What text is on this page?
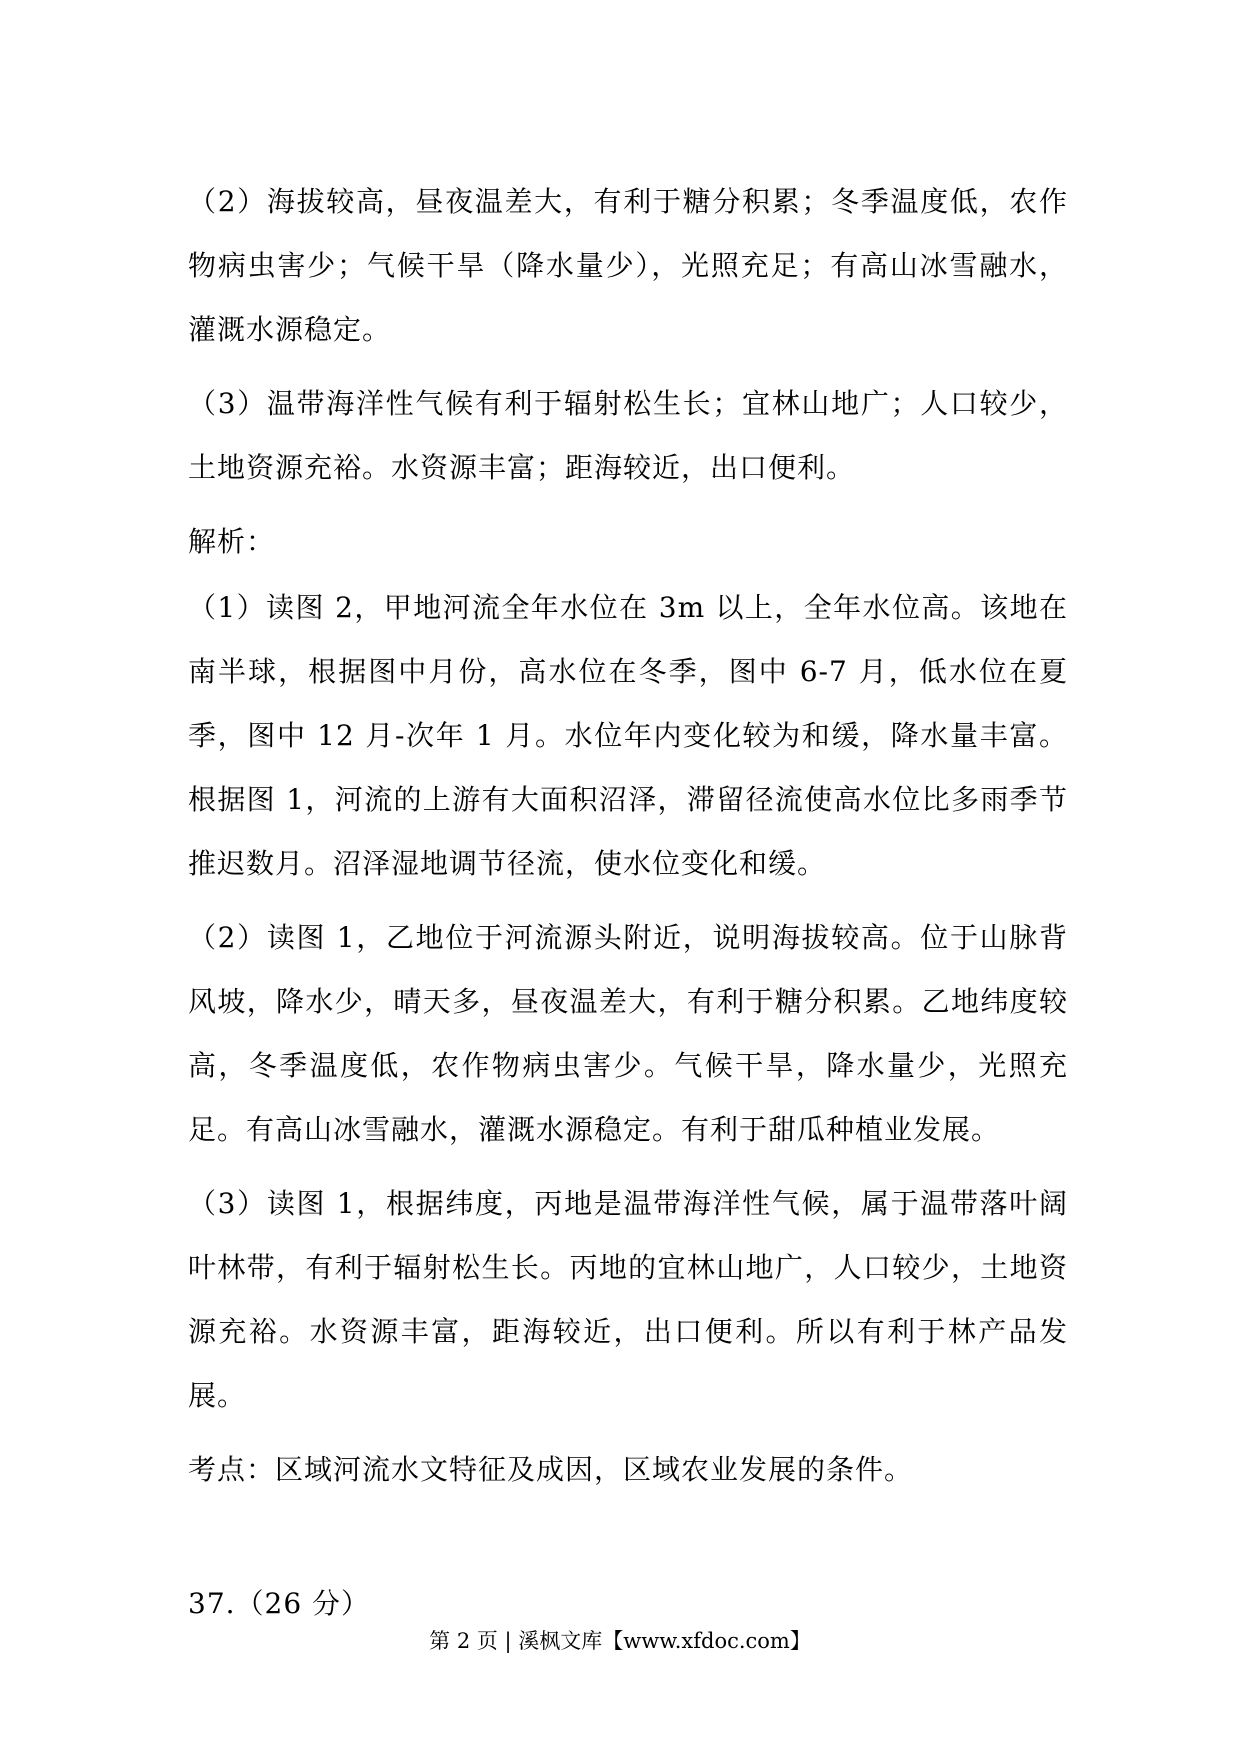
（2）海拔较高，昼夜温差大，有利于糖分积累；冬季温度低，农作物病虫害少；气候干旱（降水量少），光照充足；有高山冰雪融水，灌溉水源稳定。

（3）温带海洋性气候有利于辐射松生长；宜林山地广；人口较少，土地资源充裕。水资源丰富；距海较近，出口便利。

解析：

（1）读图 2，甲地河流全年水位在 3m 以上，全年水位高。该地在南半球，根据图中月份，高水位在冬季，图中 6-7 月，低水位在夏季，图中 12 月-次年 1 月。水位年内变化较为和缓，降水量丰富。根据图 1，河流的上游有大面积沼泽，滞留径流使高水位比多雨季节推迟数月。沼泽湿地调节径流，使水位变化和缓。

（2）读图 1，乙地位于河流源头附近，说明海拔较高。位于山脉背风坡，降水少，晴天多，昼夜温差大，有利于糖分积累。乙地纬度较高，冬季温度低，农作物病虫害少。气候干旱，降水量少，光照充足。有高山冰雪融水，灌溉水源稳定。有利于甜瓜种植业发展。

（3）读图 1，根据纬度，丙地是温带海洋性气候，属于温带落叶阔叶林带，有利于辐射松生长。丙地的宜林山地广，人口较少，土地资源充裕。水资源丰富，距海较近，出口便利。所以有利于林产品发展。

考点：区域河流水文特征及成因，区域农业发展的条件。

37.（26 分）

第 2 页 | 溪枫文库【www.xfdoc.com】
